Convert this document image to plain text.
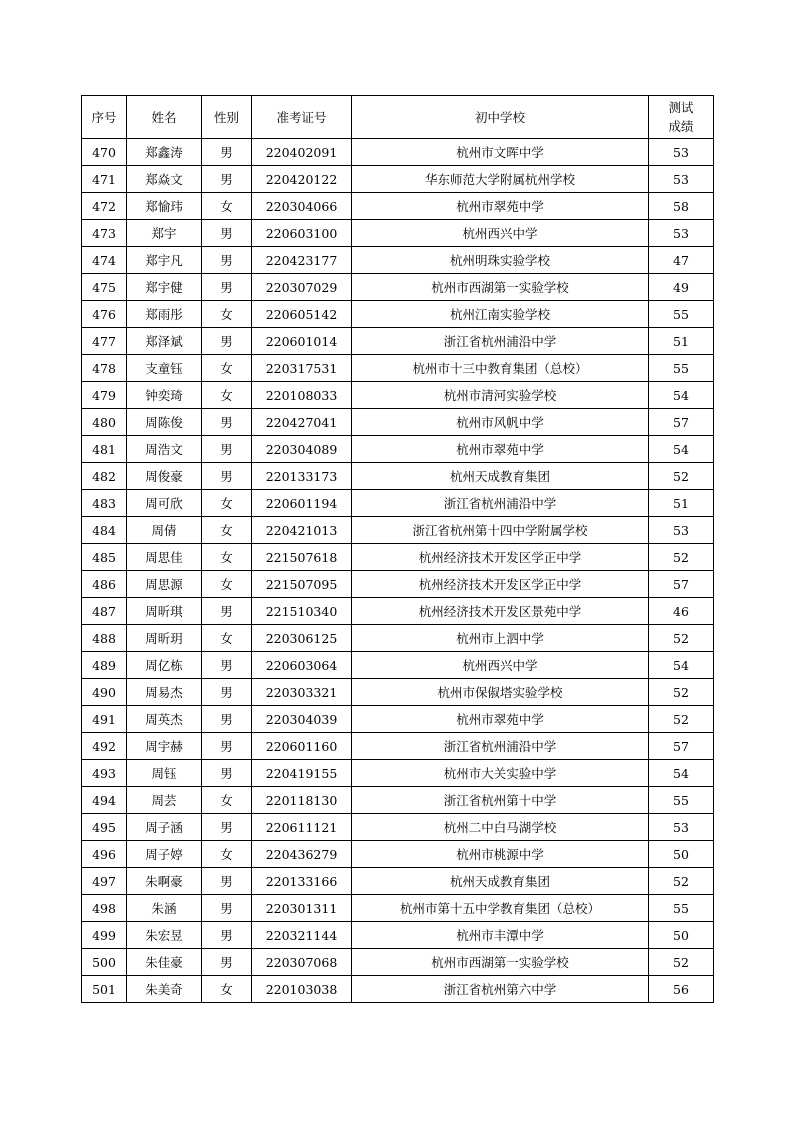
序号	姓名	性别	准考证号	初中学校	测试
成绩

470	郑鑫涛	男	220402091	杭州市文晖中学	53
471	郑焱文	男	220420122	华东师范大学附属杭州学校	53
472	郑愉玮	女	220304066	杭州市翠苑中学	58
473	郑宇	男	220603100	杭州西兴中学	53
474	郑宇凡	男	220423177	杭州明珠实验学校	47
475	郑宇健	男	220307029	杭州市西湖第一实验学校	49
476	郑雨彤	女	220605142	杭州江南实验学校	55
477	郑泽斌	男	220601014	浙江省杭州浦沿中学	51
478	支童钰	女	220317531	杭州市十三中教育集团（总校）	55
479	钟奕琦	女	220108033	杭州市清河实验学校	54
480	周陈俊	男	220427041	杭州市风帆中学	57
481	周浩文	男	220304089	杭州市翠苑中学	54
482	周俊豪	男	220133173	杭州天成教育集团	52
483	周可欣	女	220601194	浙江省杭州浦沿中学	51
484	周倩	女	220421013	浙江省杭州第十四中学附属学校	53
485	周思佳	女	221507618	杭州经济技术开发区学正中学	52
486	周思源	女	221507095	杭州经济技术开发区学正中学	57
487	周昕琪	男	221510340	杭州经济技术开发区景苑中学	46
488	周昕玥	女	220306125	杭州市上泗中学	52
489	周亿栋	男	220603064	杭州西兴中学	54
490	周易杰	男	220303321	杭州市保俶塔实验学校	52
491	周英杰	男	220304039	杭州市翠苑中学	52
492	周宇赫	男	220601160	浙江省杭州浦沿中学	57
493	周钰	男	220419155	杭州市大关实验中学	54
494	周芸	女	220118130	浙江省杭州第十中学	55
495	周子涵	男	220611121	杭州二中白马湖学校	53
496	周子婷	女	220436279	杭州市桃源中学	50
497	朱啊豪	男	220133166	杭州天成教育集团	52
498	朱涵	男	220301311	杭州市第十五中学教育集团（总校）	55
499	朱宏昱	男	220321144	杭州市丰潭中学	50
500	朱佳豪	男	220307068	杭州市西湖第一实验学校	52
501	朱美奇	女	220103038	浙江省杭州第六中学	56
